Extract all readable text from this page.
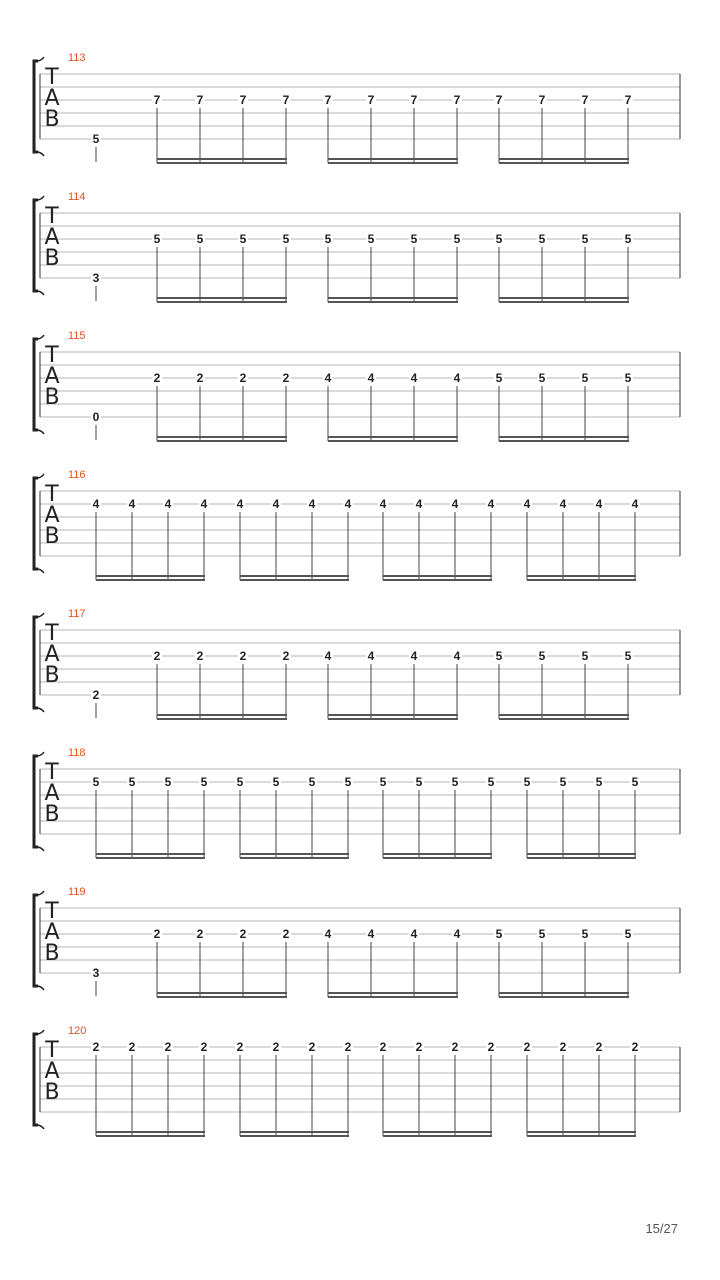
T
A
B
113
5
7	7	7	7	7	7	7	7	7	7	7	7
T
A
B
114
3
5	5	5	5	5	5	5	5	5	5	5	5
T
A
B
115
0
2	2	2	2	4	4	4	4	5	5	5	5
T
A
B
116
4 4 4 4 4 4 4 4 4 4 4 4 4 4 4 4
T
A
B
117
2
2	2	2	2	4	4	4	4	5	5	5	5
T
A
B
118
5 5 5 5 5 5 5 5 5 5 5 5 5 5 5 5
T
A
B
119
3
2	2	2	2	4	4	4	4	5	5	5	5
T
A
B
120
2 2 2 2 2 2 2 2 2 2 2 2 2 2 2 2
15/27
